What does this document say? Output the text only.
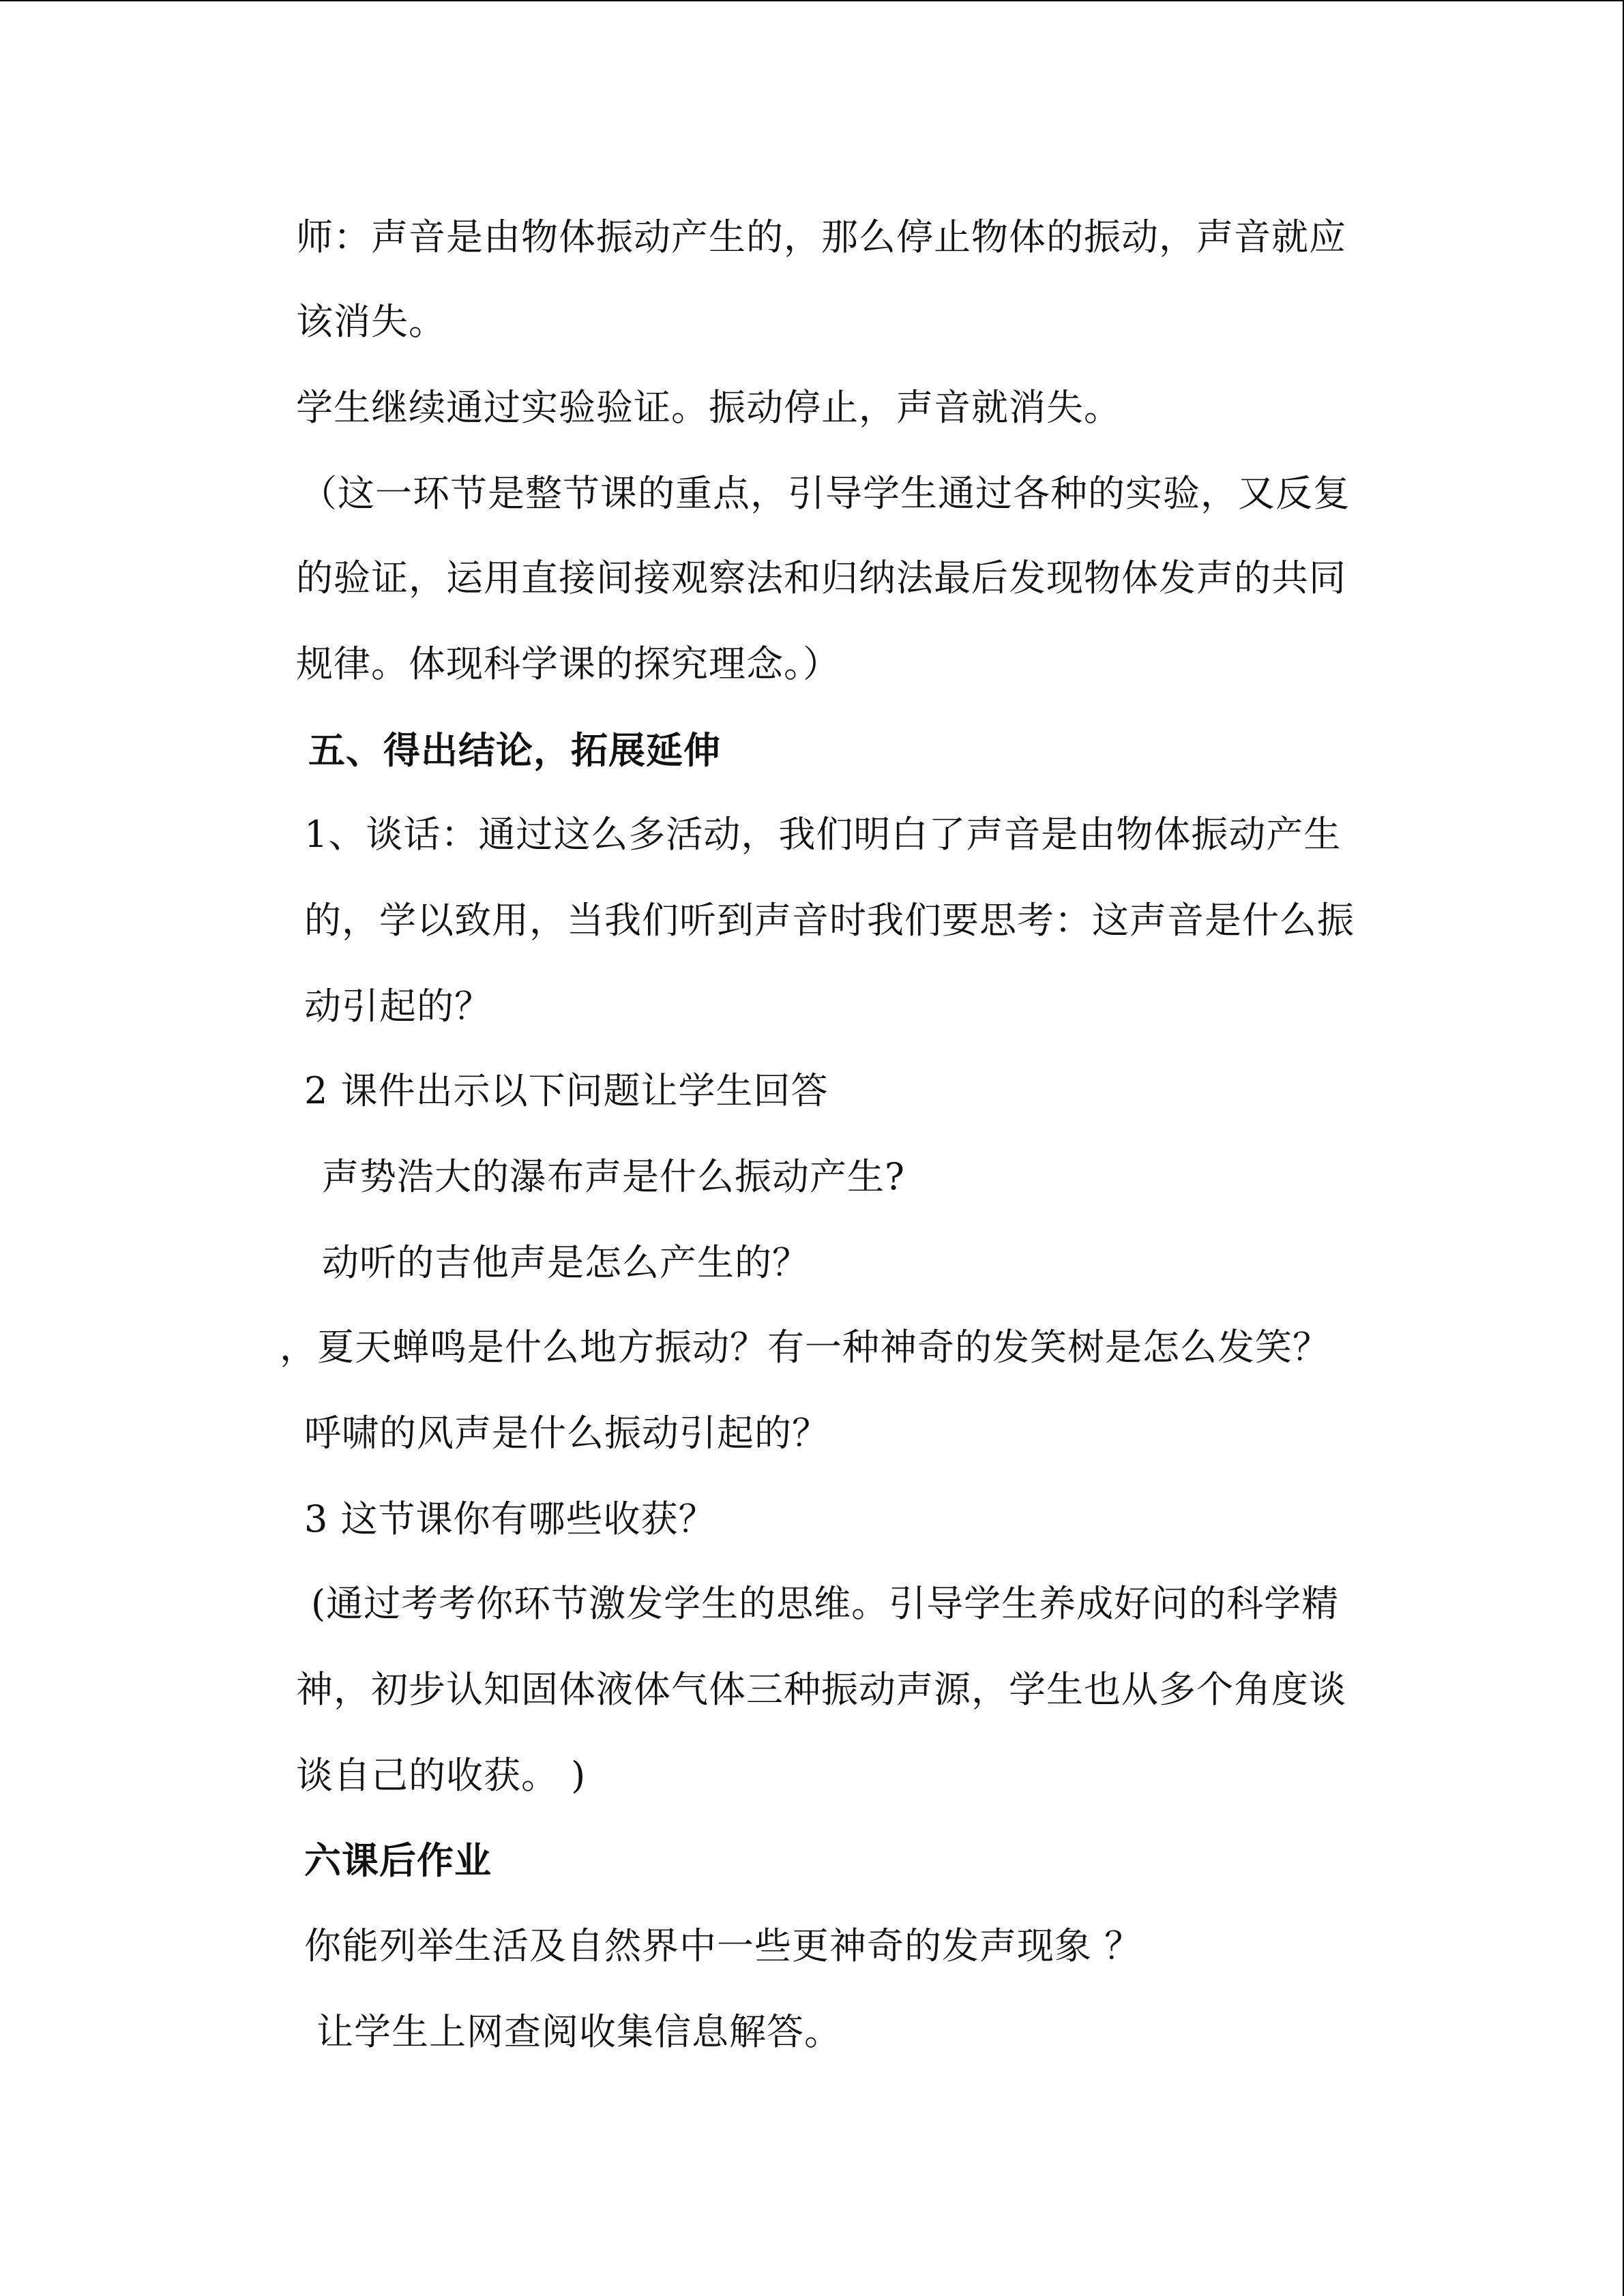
师：声音是由物体振动产生的，那么停止物体的振动，声音就应
该消失。
学生继续通过实验验证。振动停止，声音就消失。
（这一环节是整节课的重点，引导学生通过各种的实验，又反复
的验证，运用直接间接观察法和归纳法最后发现物体发声的共同
规律。体现科学课的探究理念。）
五、得出结论，拓展延伸
1、谈话：通过这么多活动，我们明白了声音是由物体振动产生
的，学以致用，当我们听到声音时我们要思考：这声音是什么振
动引起的？
2 课件出示以下问题让学生回答
声势浩大的瀑布声是什么振动产生?
动听的吉他声是怎么产生的？
，夏天蝉鸣是什么地方振动？有一种神奇的发笑树是怎么发笑？
呼啸的风声是什么振动引起的？
3 这节课你有哪些收获？
(通过考考你环节激发学生的思维。引导学生养成好问的科学精
神，初步认知固体液体气体三种振动声源，学生也从多个角度谈
谈自己的收获。 )
六课后作业
你能列举生活及自然界中一些更神奇的发声现象 ？
让学生上网查阅收集信息解答。
